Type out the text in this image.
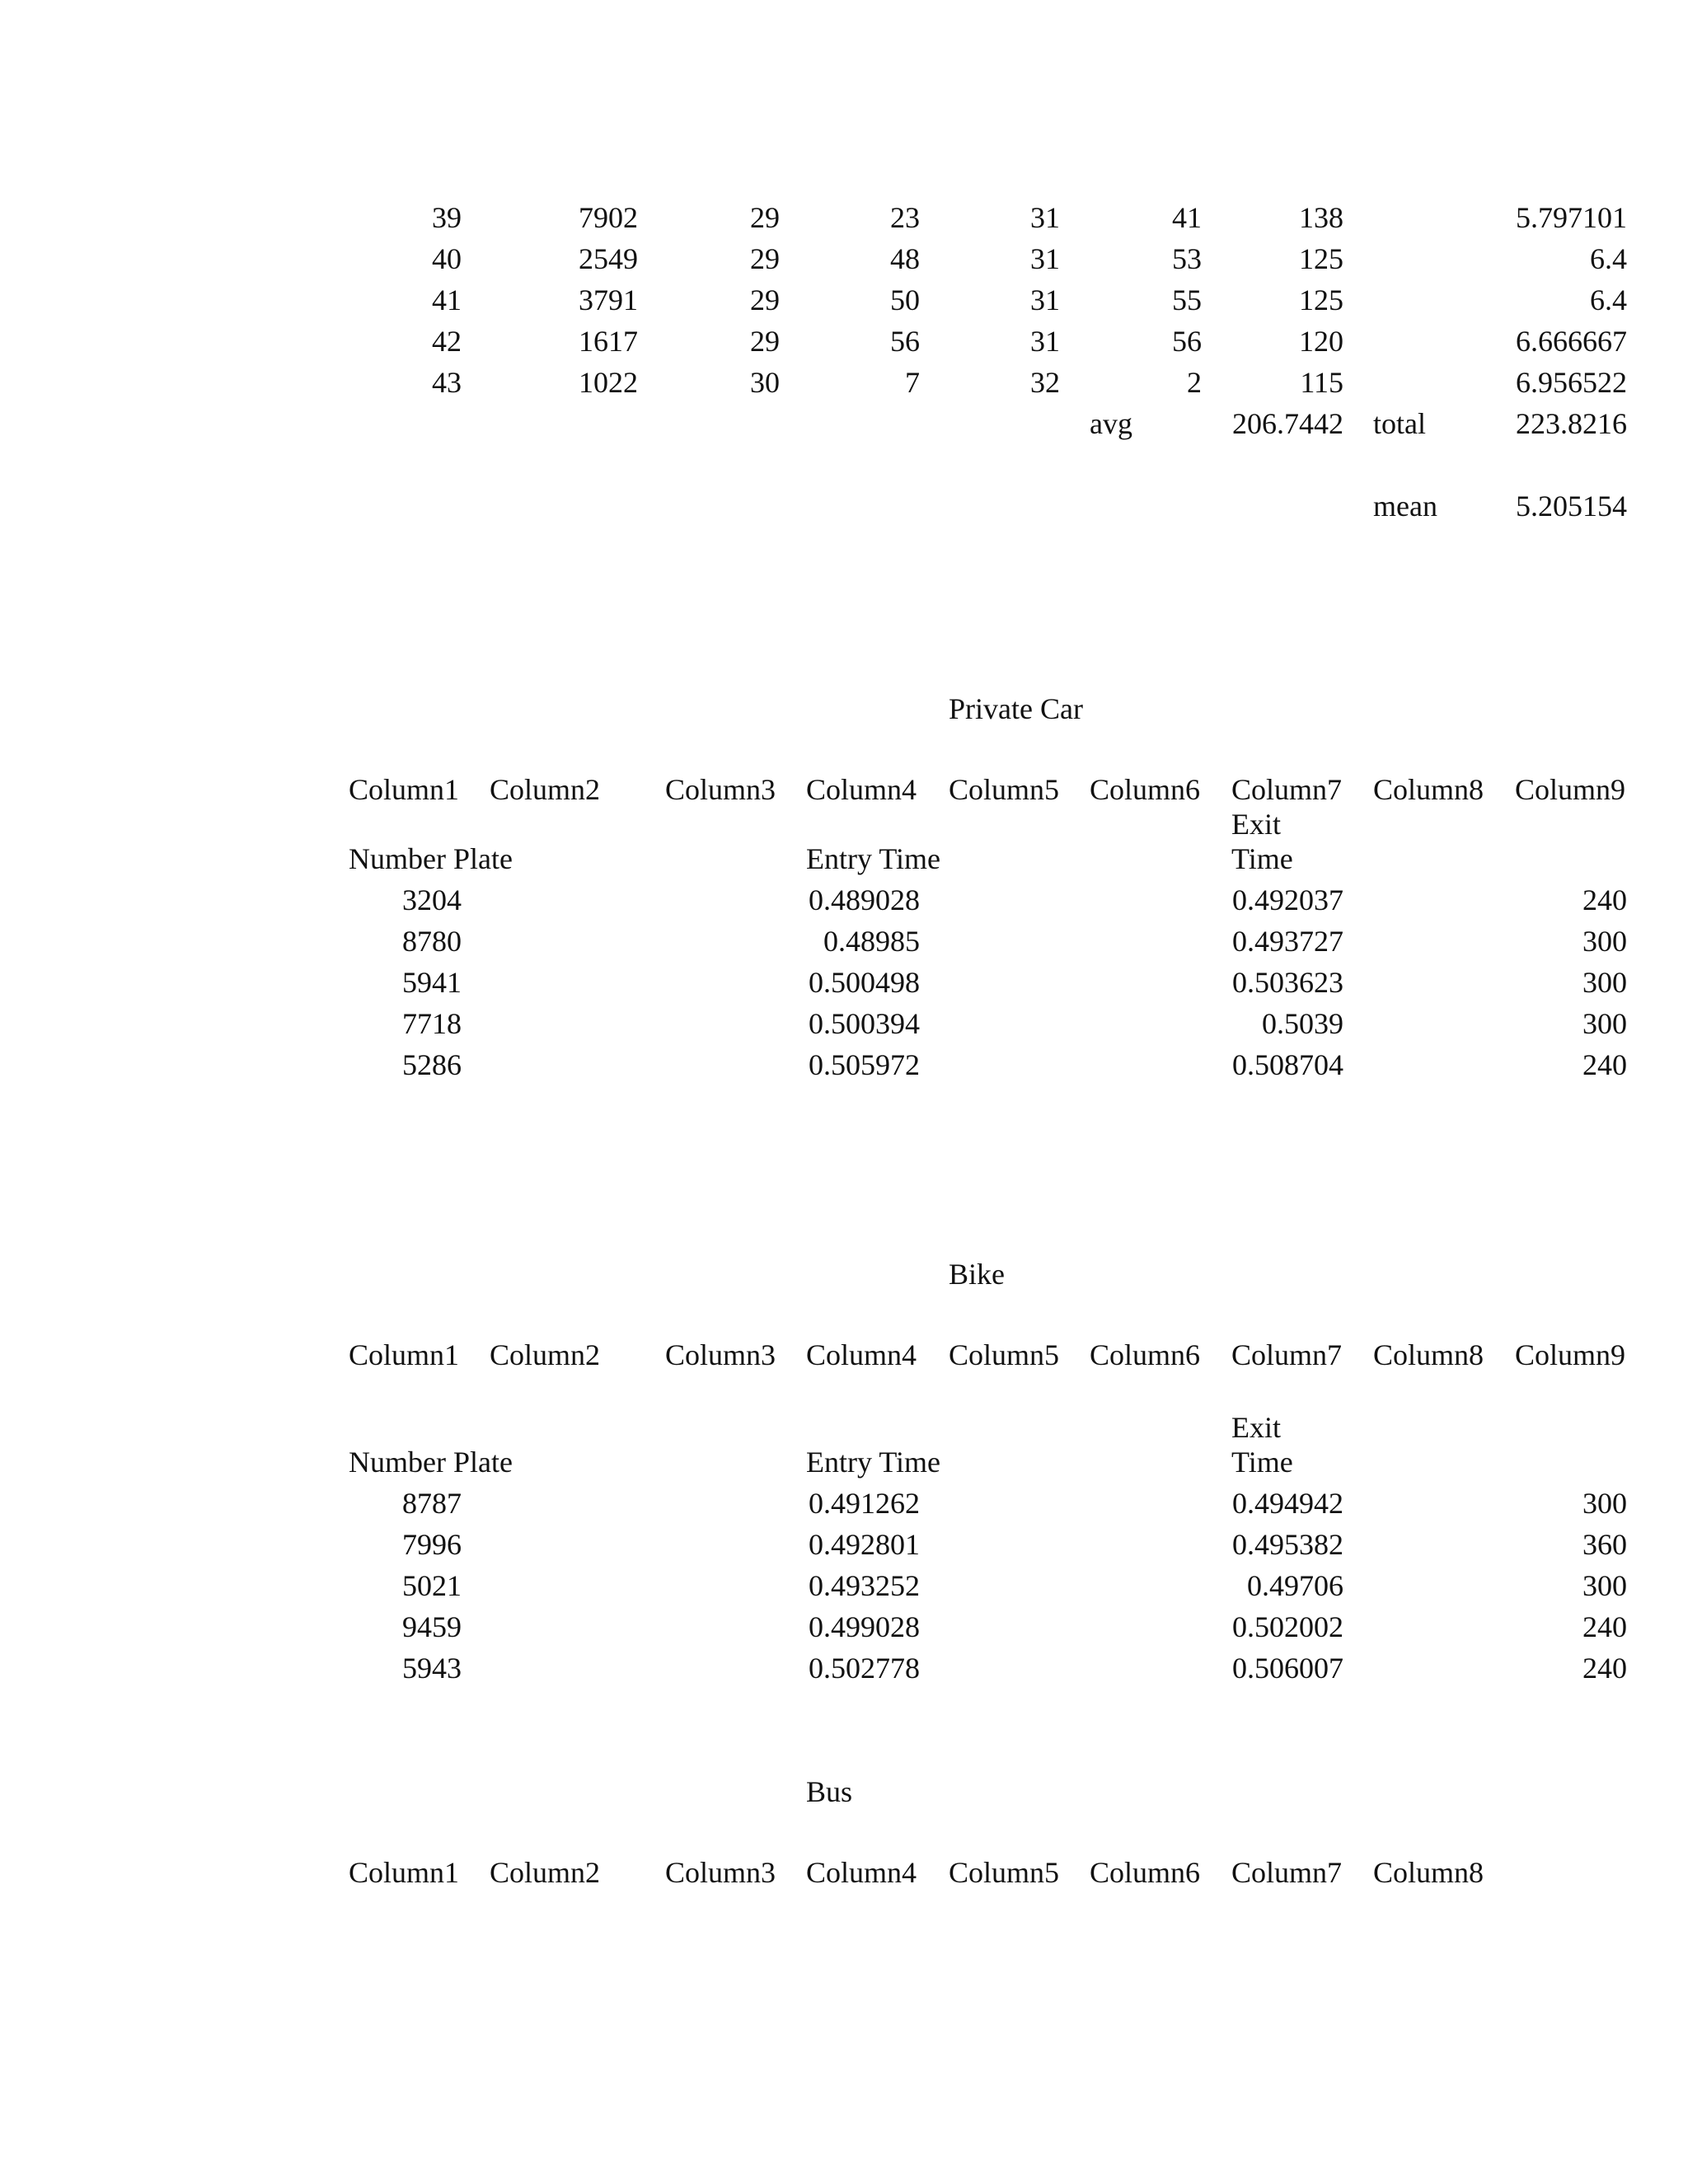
39	7902	29	23	31	41	138	5.797101
40	2549	29	48	31	53	125	6.4
41	3791	29	50	31	55	125	6.4
42	1617	29	56	31	56	120	6.666667
43	1022	30	7	32	2	115	6.956522
avg	206.7442 total	223.8216
mean	5.205154
Private Car
Column1 Column2 Column3 Column4 Column5 Column6 Column7 Column8 Column9
Exit
Number Plate	Entry Time	Time
3204	0.489028	0.492037	240
8780	0.48985	0.493727	300
5941	0.500498	0.503623	300
7718	0.500394	0.5039	300
5286	0.505972	0.508704	240
Bike
Column1 Column2 Column3 Column4 Column5 Column6 Column7 Column8 Column9
Exit
Number Plate	Entry Time	Time
8787	0.491262	0.494942	300
7996	0.492801	0.495382	360
5021	0.493252	0.49706	300
9459	0.499028	0.502002	240
5943	0.502778	0.506007	240
Bus
Column1 Column2 Column3 Column4 Column5 Column6 Column7 Column8
